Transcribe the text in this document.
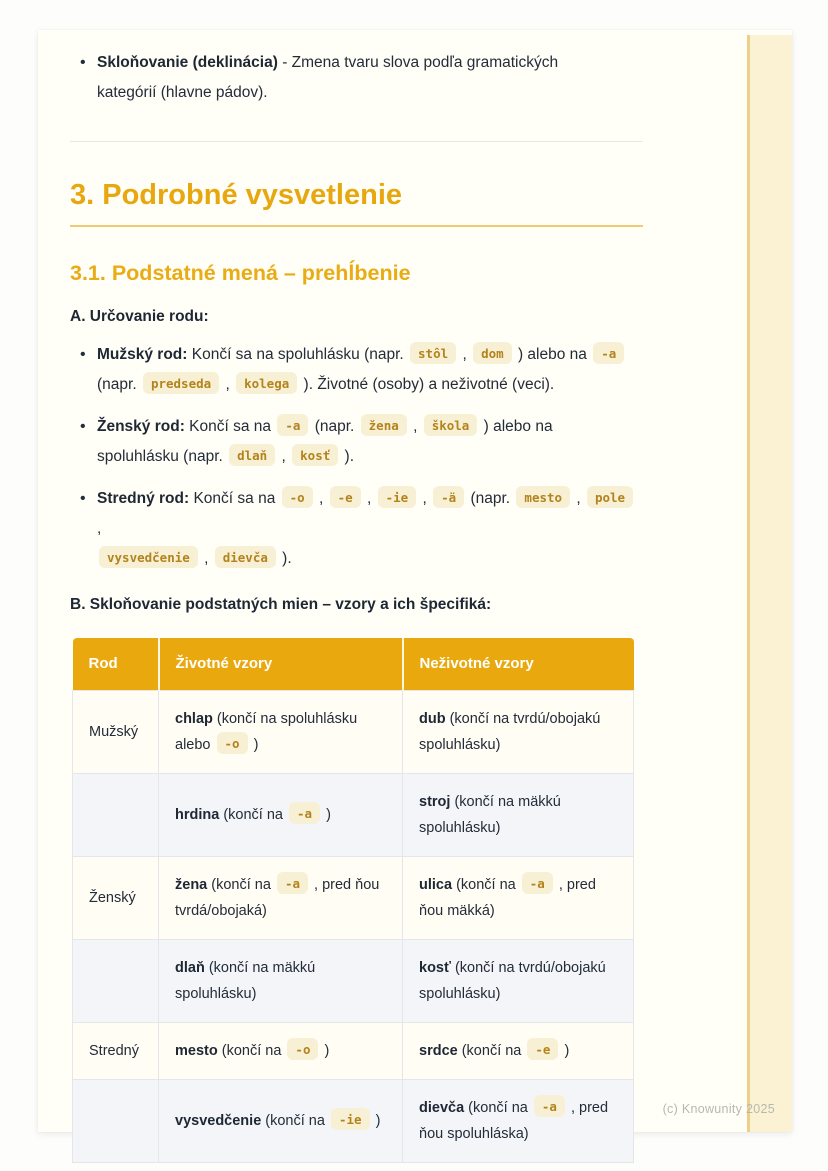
• Skloňovanie (deklinácia) - Zmena tvaru slova podľa gramatických
kategórií (hlavne pádov).
3. Podrobné vysvetlenie
3.1. Podstatné mená – prehĺbenie

A. Určovanie rodu:

• Mužský rod: Končí sa na spoluhlásku (napr. stôl , dom ) alebo na -a
(napr. predseda , kolega ). Životné (osoby) a neživotné (veci).
• Ženský rod: Končí sa na -a (napr. žena , škola ) alebo na
spoluhlásku (napr. dlaň , kosť ).
• Stredný rod: Končí sa na -o , -e , -ie , -ä (napr. mesto , pole ,
vysvedčenie , dievča ).

B. Skloňovanie podstatných mien – vzory a ich špecifiká:

Rod	Životné vzory	Neživotné vzory
Mužský	chlap (končí na spoluhlásku alebo -o )	dub (končí na tvrdú/obojakú spoluhlásku)
	hrdina (končí na -a )	stroj (končí na mäkkú spoluhlásku)
Ženský	žena (končí na -a , pred ňou tvrdá/obojaká)	ulica (končí na -a , pred ňou mäkká)
	dlaň (končí na mäkkú spoluhlásku)	kosť (končí na tvrdú/obojakú spoluhlásku)
Stredný	mesto (končí na -o )	srdce (končí na -e )
	vysvedčenie (končí na -ie )	dievča (končí na -a , pred ňou spoluhláska)
(c) Knowunity 2025
